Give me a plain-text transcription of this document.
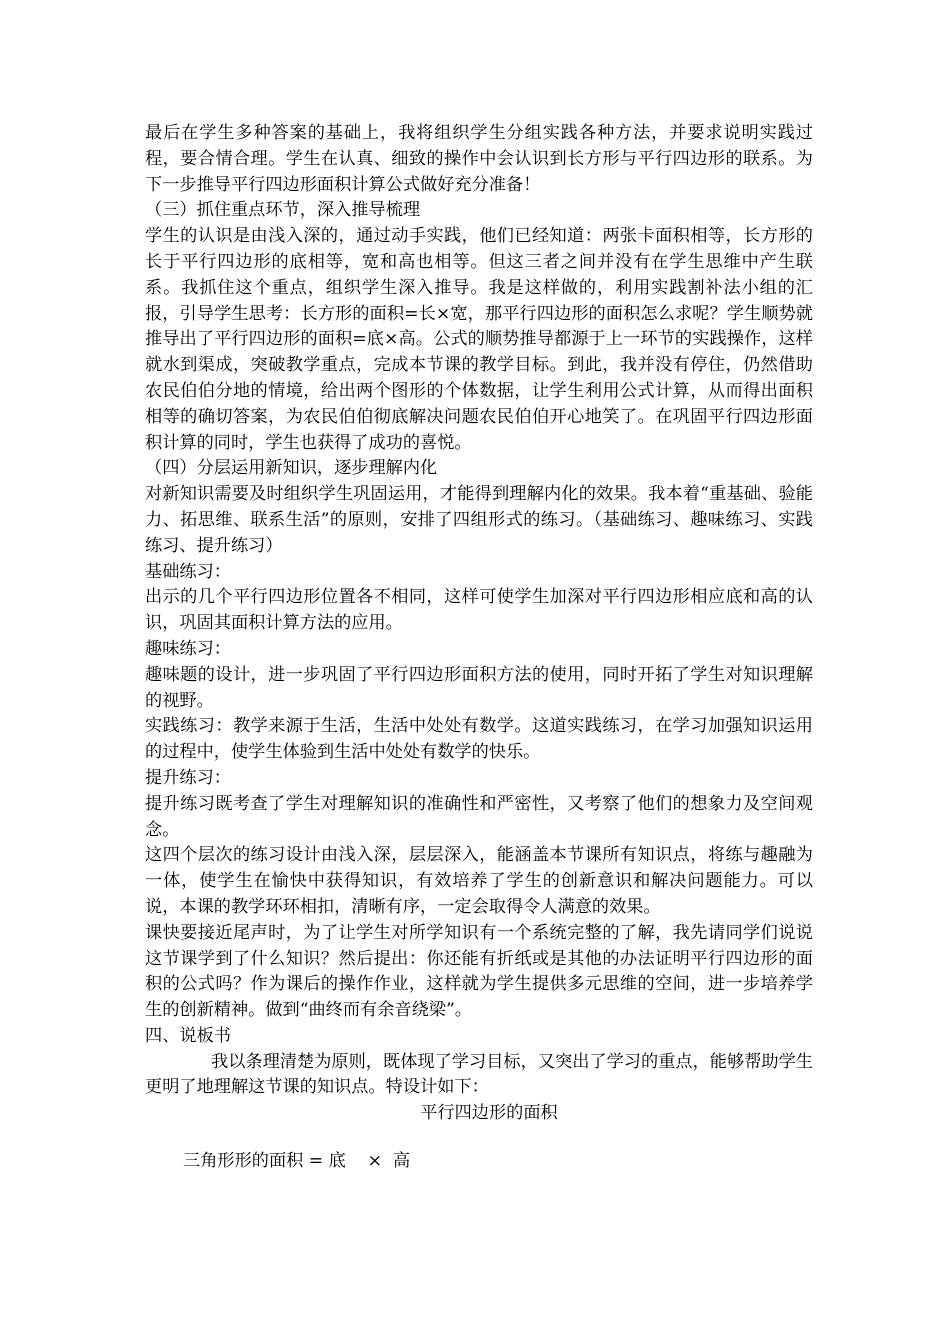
最后在学生多种答案的基础上，我将组织学生分组实践各种方法，并要求说明实践过程，要合情合理。学生在认真、细致的操作中会认识到长方形与平行四边形的联系。为下一步推导平行四边形面积计算公式做好充分准备！

（三）抓住重点环节，深入推导梳理

学生的认识是由浅入深的，通过动手实践，他们已经知道：两张卡面积相等，长方形的长于平行四边形的底相等，宽和高也相等。但这三者之间并没有在学生思维中产生联系。我抓住这个重点，组织学生深入推导。我是这样做的，利用实践割补法小组的汇报，引导学生思考：长方形的面积=长×宽，那平行四边形的面积怎么求呢？学生顺势就推导出了平行四边形的面积=底×高。公式的顺势推导都源于上一环节的实践操作，这样就水到渠成，突破教学重点，完成本节课的教学目标。到此，我并没有停住，仍然借助农民伯伯分地的情境，给出两个图形的个体数据，让学生利用公式计算，从而得出面积相等的确切答案，为农民伯伯彻底解决问题农民伯伯开心地笑了。在巩固平行四边形面积计算的同时，学生也获得了成功的喜悦。

（四）分层运用新知识，逐步理解内化

对新知识需要及时组织学生巩固运用，才能得到理解内化的效果。我本着“重基础、验能力、拓思维、联系生活”的原则，安排了四组形式的练习。（基础练习、趣味练习、实践练习、提升练习）

基础练习：

出示的几个平行四边形位置各不相同，这样可使学生加深对平行四边形相应底和高的认识，巩固其面积计算方法的应用。

趣味练习：

趣味题的设计，进一步巩固了平行四边形面积方法的使用，同时开拓了学生对知识理解的视野。

实践练习：教学来源于生活，生活中处处有数学。这道实践练习，在学习加强知识运用的过程中，使学生体验到生活中处处有数学的快乐。

提升练习：

提升练习既考查了学生对理解知识的准确性和严密性，又考察了他们的想象力及空间观念。

这四个层次的练习设计由浅入深，层层深入，能涵盖本节课所有知识点，将练与趣融为一体，使学生在愉快中获得知识，有效培养了学生的创新意识和解决问题能力。可以说，本课的教学环环相扣，清晰有序，一定会取得令人满意的效果。

课快要接近尾声时，为了让学生对所学知识有一个系统完整的了解，我先请同学们说说这节课学到了什么知识？然后提出：你还能有折纸或是其他的办法证明平行四边形的面积的公式吗？作为课后的操作作业，这样就为学生提供多元思维的空间，进一步培养学生的创新精神。做到“曲终而有余音绕梁”。

四、说板书

我以条理清楚为原则，既体现了学习目标，又突出了学习的重点，能够帮助学生更明了地理解这节课的知识点。特设计如下：

平行四边形的面积

三角形形的面积 = 底    ×  高
